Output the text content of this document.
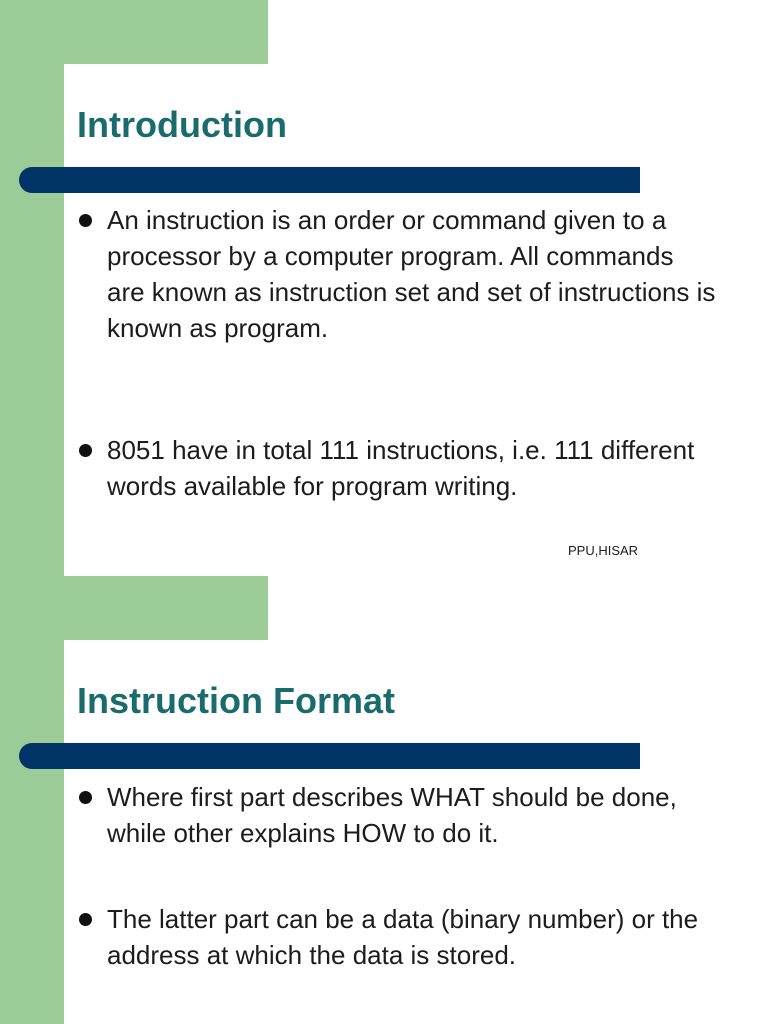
Introduction
An instruction is an order or command given to a processor by a computer program. All commands are known as instruction set and set of instructions is known as program.
8051 have in total 111 instructions, i.e. 111 different words available for program writing.
PPU,HISAR
Instruction Format
Where first part describes WHAT should be done, while other explains HOW to do it.
The latter part can be a data (binary number) or the address at which the data is stored.
